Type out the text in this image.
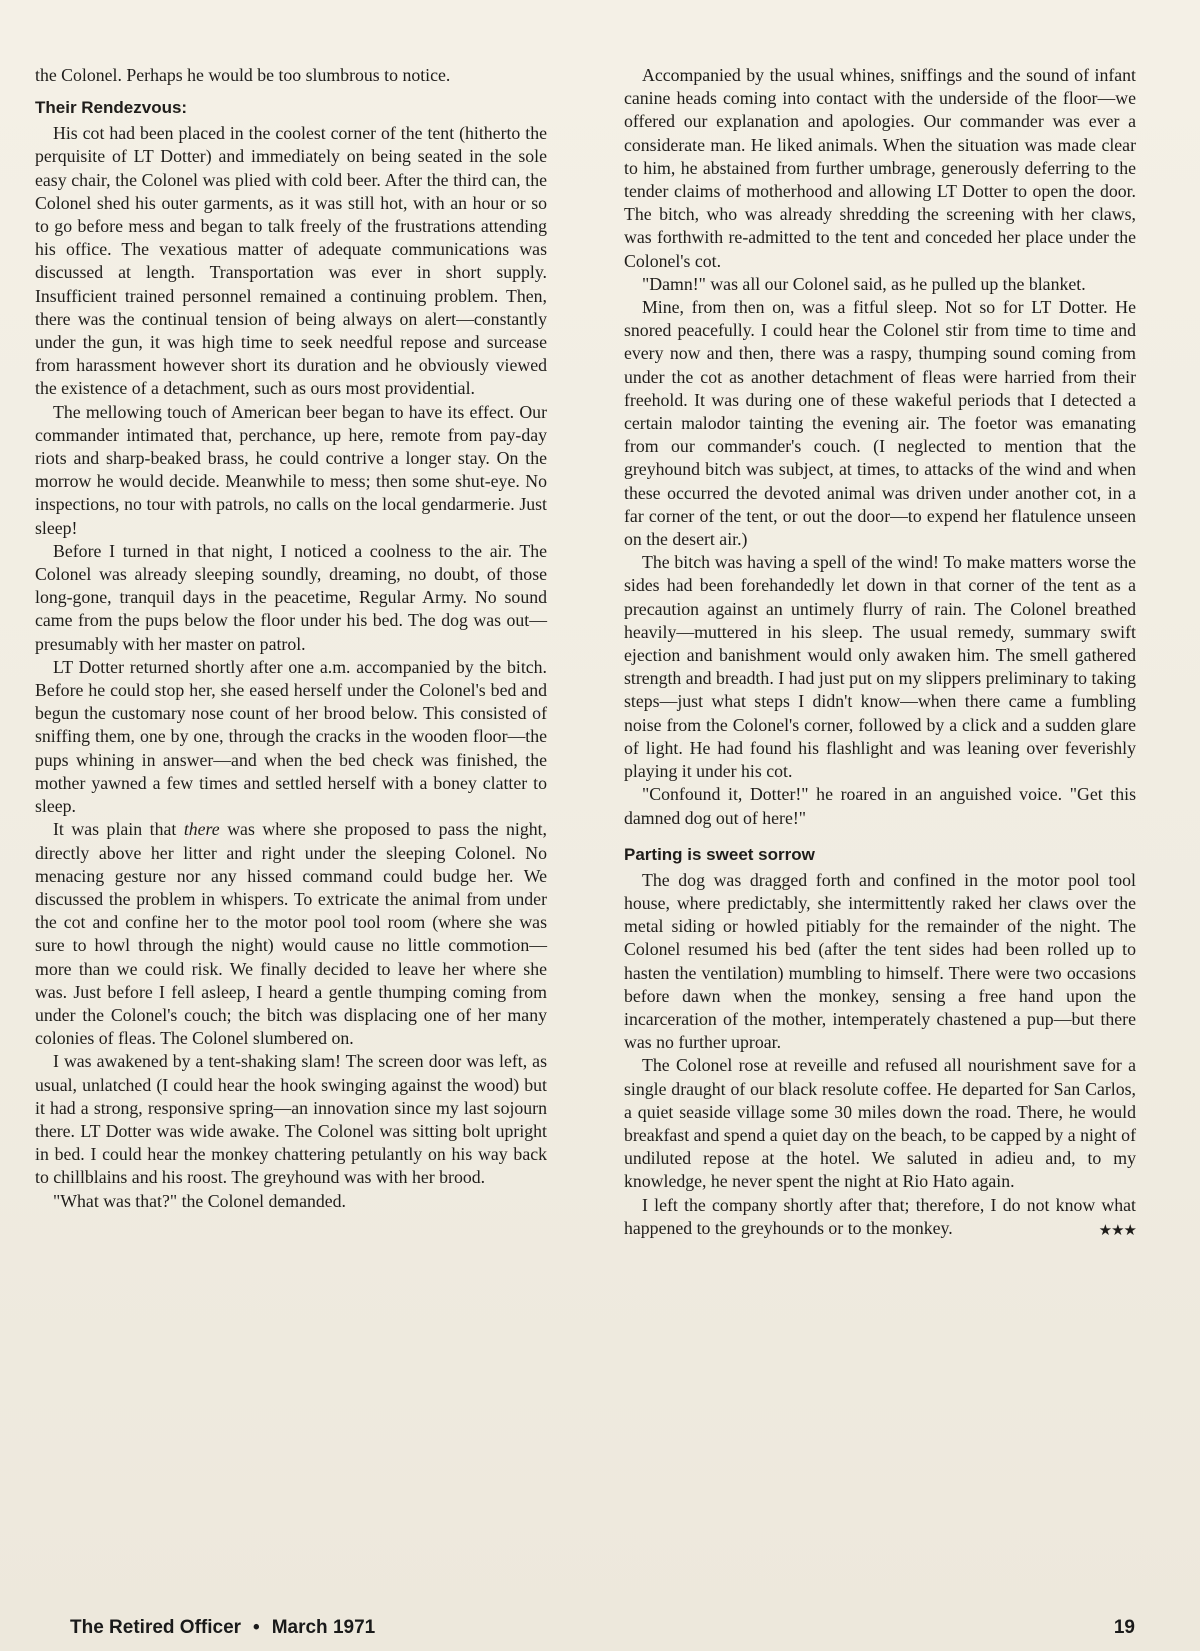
the Colonel. Perhaps he would be too slumbrous to notice.

Their Rendezvous:

His cot had been placed in the coolest corner of the tent (hitherto the perquisite of LT Dotter) and immediately on being seated in the sole easy chair, the Colonel was plied with cold beer. After the third can, the Colonel shed his outer garments, as it was still hot, with an hour or so to go before mess and began to talk freely of the frustrations attending his office. The vexatious matter of adequate communications was discussed at length. Transportation was ever in short supply. Insufficient trained personnel remained a continuing problem. Then, there was the continual tension of being always on alert—constantly under the gun, it was high time to seek needful repose and surcease from harassment however short its duration and he obviously viewed the existence of a detachment, such as ours most providential.

The mellowing touch of American beer began to have its effect. Our commander intimated that, perchance, up here, remote from pay-day riots and sharp-beaked brass, he could contrive a longer stay. On the morrow he would decide. Meanwhile to mess; then some shut-eye. No inspections, no tour with patrols, no calls on the local gendarmerie. Just sleep!

Before I turned in that night, I noticed a coolness to the air. The Colonel was already sleeping soundly, dreaming, no doubt, of those long-gone, tranquil days in the peacetime, Regular Army. No sound came from the pups below the floor under his bed. The dog was out—presumably with her master on patrol.

LT Dotter returned shortly after one a.m. accompanied by the bitch. Before he could stop her, she eased herself under the Colonel's bed and begun the customary nose count of her brood below. This consisted of sniffing them, one by one, through the cracks in the wooden floor—the pups whining in answer—and when the bed check was finished, the mother yawned a few times and settled herself with a boney clatter to sleep.

It was plain that there was where she proposed to pass the night, directly above her litter and right under the sleeping Colonel. No menacing gesture nor any hissed command could budge her. We discussed the problem in whispers. To extricate the animal from under the cot and confine her to the motor pool tool room (where she was sure to howl through the night) would cause no little commotion—more than we could risk. We finally decided to leave her where she was. Just before I fell asleep, I heard a gentle thumping coming from under the Colonel's couch; the bitch was displacing one of her many colonies of fleas. The Colonel slumbered on.

I was awakened by a tent-shaking slam! The screen door was left, as usual, unlatched (I could hear the hook swinging against the wood) but it had a strong, responsive spring—an innovation since my last sojourn there. LT Dotter was wide awake. The Colonel was sitting bolt upright in bed. I could hear the monkey chattering petulantly on his way back to chillblains and his roost. The greyhound was with her brood.

"What was that?" the Colonel demanded.

Accompanied by the usual whines, sniffings and the sound of infant canine heads coming into contact with the underside of the floor—we offered our explanation and apologies. Our commander was ever a considerate man. He liked animals. When the situation was made clear to him, he abstained from further umbrage, generously deferring to the tender claims of motherhood and allowing LT Dotter to open the door. The bitch, who was already shredding the screening with her claws, was forthwith re-admitted to the tent and conceded her place under the Colonel's cot.

"Damn!" was all our Colonel said, as he pulled up the blanket.

Mine, from then on, was a fitful sleep. Not so for LT Dotter. He snored peacefully. I could hear the Colonel stir from time to time and every now and then, there was a raspy, thumping sound coming from under the cot as another detachment of fleas were harried from their freehold. It was during one of these wakeful periods that I detected a certain malodor tainting the evening air. The foetor was emanating from our commander's couch. (I neglected to mention that the greyhound bitch was subject, at times, to attacks of the wind and when these occurred the devoted animal was driven under another cot, in a far corner of the tent, or out the door—to expend her flatulence unseen on the desert air.)

The bitch was having a spell of the wind! To make matters worse the sides had been forehandedly let down in that corner of the tent as a precaution against an untimely flurry of rain. The Colonel breathed heavily—muttered in his sleep. The usual remedy, summary swift ejection and banishment would only awaken him. The smell gathered strength and breadth. I had just put on my slippers preliminary to taking steps—just what steps I didn't know—when there came a fumbling noise from the Colonel's corner, followed by a click and a sudden glare of light. He had found his flashlight and was leaning over feverishly playing it under his cot.

"Confound it, Dotter!" he roared in an anguished voice. "Get this damned dog out of here!"

Parting is sweet sorrow

The dog was dragged forth and confined in the motor pool tool house, where predictably, she intermittently raked her claws over the metal siding or howled pitiably for the remainder of the night. The Colonel resumed his bed (after the tent sides had been rolled up to hasten the ventilation) mumbling to himself. There were two occasions before dawn when the monkey, sensing a free hand upon the incarceration of the mother, intemperately chastened a pup—but there was no further uproar.

The Colonel rose at reveille and refused all nourishment save for a single draught of our black resolute coffee. He departed for San Carlos, a quiet seaside village some 30 miles down the road. There, he would breakfast and spend a quiet day on the beach, to be capped by a night of undiluted repose at the hotel. We saluted in adieu and, to my knowledge, he never spent the night at Rio Hato again.

I left the company shortly after that; therefore, I do not know what happened to the greyhounds or to the monkey.	★★★

The Retired Officer • March 1971	19
